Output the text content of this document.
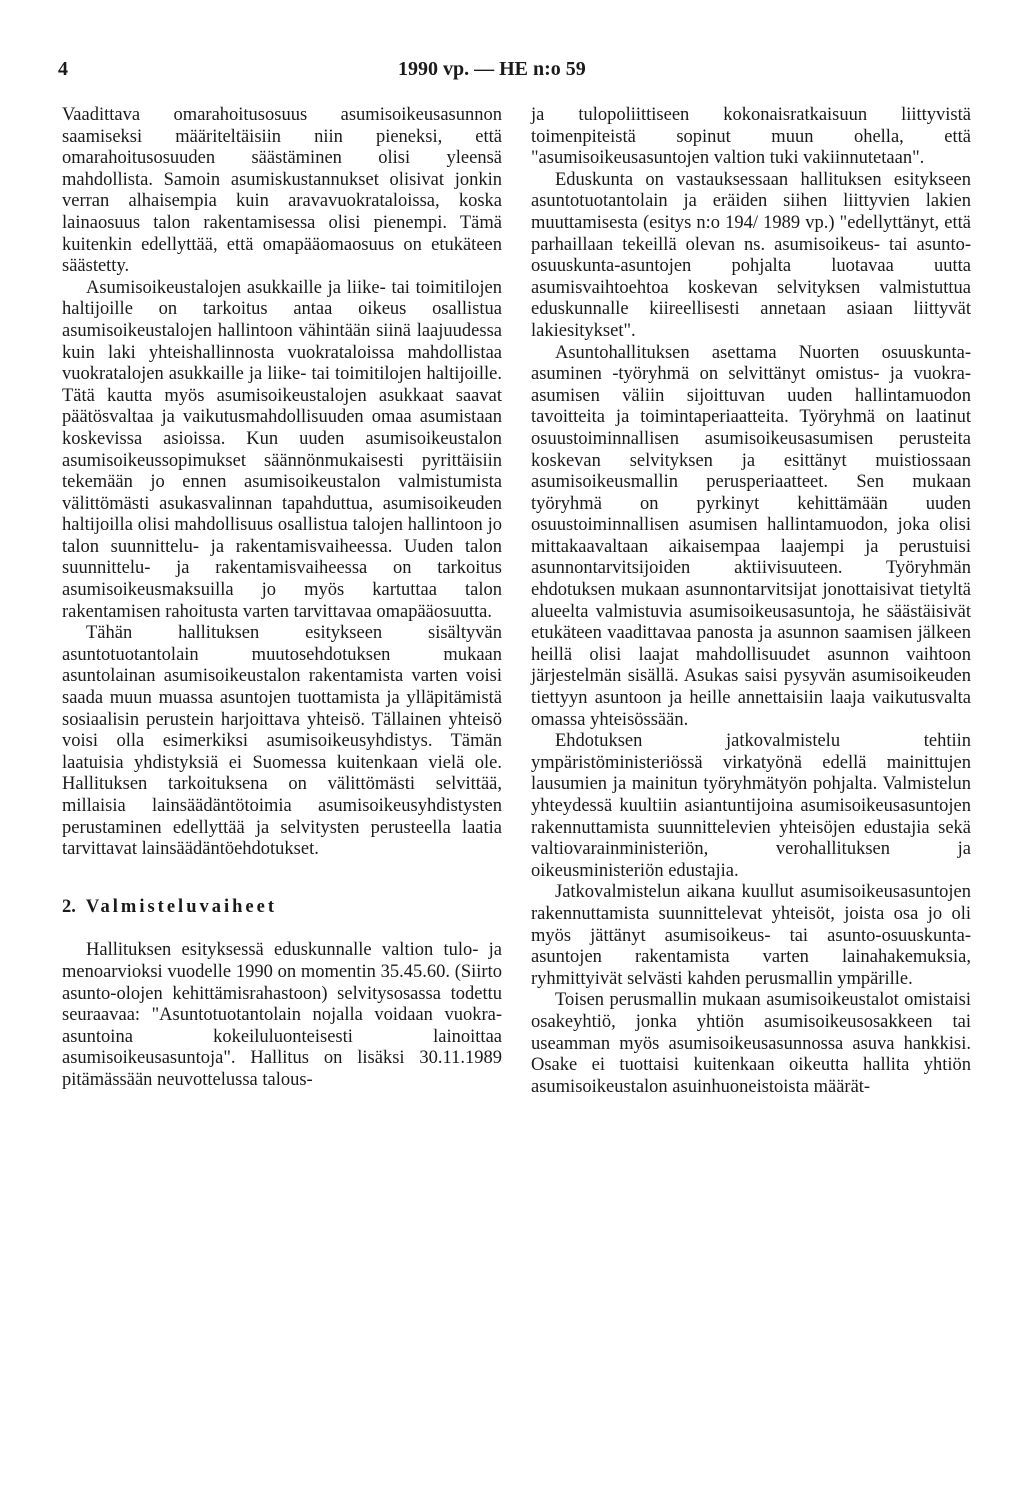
4	1990 vp. — HE n:o 59

Vaadittava omarahoitusosuus asumisoikeusasunnon saamiseksi määriteltäisiin niin pieneksi, että omarahoitusosuuden säästäminen olisi yleensä mahdollista. Samoin asumiskustannukset olisivat jonkin verran alhaisempia kuin aravavuokrataloissa, koska lainaosuus talon rakentamisessa olisi pienempi. Tämä kuitenkin edellyttää, että omapääomaosuus on etukäteen säästetty.

Asumisoikeustalojen asukkaille ja liike- tai toimitilojen haltijoille on tarkoitus antaa oikeus osallistua asumisoikeustalojen hallintoon vähintään siinä laajuudessa kuin laki yhteishallinnosta vuokrataloissa mahdollistaa vuokratalojen asukkaille ja liike- tai toimitilojen haltijoille. Tätä kautta myös asumisoikeustalojen asukkaat saavat päätösvaltaa ja vaikutusmahdollisuuden omaa asumistaan koskevissa asioissa. Kun uuden asumisoikeustalon asumisoikeussopimukset säännönmukaisesti pyrittäisiin tekemään jo ennen asumisoikeustalon valmistumista välittömästi asukasvalinnan tapahduttua, asumisoikeuden haltijoilla olisi mahdollisuus osallistua talojen hallintoon jo talon suunnittelu- ja rakentamisvaiheessa. Uuden talon suunnittelu- ja rakentamisvaiheessa on tarkoitus asumisoikeusmaksuilla jo myös kartuttaa talon rakentamisen rahoitusta varten tarvittavaa omapääosuutta.

Tähän hallituksen esitykseen sisältyvän asuntotuotantolain muutosehdotuksen mukaan asuntolainan asumisoikeustalon rakentamista varten voisi saada muun muassa asuntojen tuottamista ja ylläpitämistä sosiaalisin perustein harjoittava yhteisö. Tällainen yhteisö voisi olla esimerkiksi asumisoikeusyhdistys. Tämän laatuisia yhdistyksiä ei Suomessa kuitenkaan vielä ole. Hallituksen tarkoituksena on välittömästi selvittää, millaisia lainsäädäntötoimia asumisoikeusyhdistysten perustaminen edellyttää ja selvitysten perusteella laatia tarvittavat lainsäädäntöehdotukset.

2. Valmisteluvaiheet

Hallituksen esityksessä eduskunnalle valtion tulo- ja menoarvioksi vuodelle 1990 on momentin 35.45.60. (Siirto asunto-olojen kehittämisrahastoon) selvitysosassa todettu seuraavaa: "Asuntotuotantolain nojalla voidaan vuokra-asuntoina kokeiluluonteisesti lainoittaa asumisoikeusasuntoja". Hallitus on lisäksi 30.11.1989 pitämässään neuvottelussa talous-

ja tulopoliittiseen kokonaisratkaisuun liittyvistä toimenpiteistä sopinut muun ohella, että "asumisoikeusasuntojen valtion tuki vakiinnutetaan".

Eduskunta on vastauksessaan hallituksen esitykseen asuntotuotantolain ja eräiden siihen liittyvien lakien muuttamisesta (esitys n:o 194/ 1989 vp.) "edellyttänyt, että parhaillaan tekeillä olevan ns. asumisoikeus- tai asunto-osuuskunta-asuntojen pohjalta luotavaa uutta asumisvaihtoehtoa koskevan selvityksen valmistuttua eduskunnalle kiireellisesti annetaan asiaan liittyvät lakiesitykset".

Asuntohallituksen asettama Nuorten osuuskunta-asuminen -työryhmä on selvittänyt omistus- ja vuokra-asumisen väliin sijoittuvan uuden hallintamuodon tavoitteita ja toimintaperiaatteita. Työryhmä on laatinut osuustoiminnallisen asumisoikeusasumisen perusteita koskevan selvityksen ja esittänyt muistiossaan asumisoikeusmallin perusperiaatteet. Sen mukaan työryhmä on pyrkinyt kehittämään uuden osuustoiminnallisen asumisen hallintamuodon, joka olisi mittakaavaltaan aikaisempaa laajempi ja perustuisi asunnontarvitsijoiden aktiivisuuteen. Työryhmän ehdotuksen mukaan asunnontarvitsijat jonottaisivat tietyltä alueelta valmistuvia asumisoikeusasuntoja, he säästäisivät etukäteen vaadittavaa panosta ja asunnon saamisen jälkeen heillä olisi laajat mahdollisuudet asunnon vaihtoon järjestelmän sisällä. Asukas saisi pysyvän asumisoikeuden tiettyyn asuntoon ja heille annettaisiin laaja vaikutusvalta omassa yhteisössään.

Ehdotuksen jatkovalmistelu tehtiin ympäristöministeriössä virkatyönä edellä mainittujen lausumien ja mainitun työryhmätyön pohjalta. Valmistelun yhteydessä kuultiin asiantuntijoina asumisoikeusasuntojen rakennuttamista suunnittelevien yhteisöjen edustajia sekä valtiovarainministeriön, verohallituksen ja oikeusministeriön edustajia.

Jatkovalmistelun aikana kuullut asumisoikeusasuntojen rakennuttamista suunnittelevat yhteisöt, joista osa jo oli myös jättänyt asumisoikeus- tai asunto-osuuskunta-asuntojen rakentamista varten lainahakemuksia, ryhmittyivät selvästi kahden perusmallin ympärille.

Toisen perusmallin mukaan asumisoikeustalot omistaisi osakeyhtiö, jonka yhtiön asumisoikeusosakkeen tai useamman myös asumisoikeusasunnossa asuva hankkisi. Osake ei tuottaisi kuitenkaan oikeutta hallita yhtiön asumisoikeustalon asuinhuoneistoista määrät-
